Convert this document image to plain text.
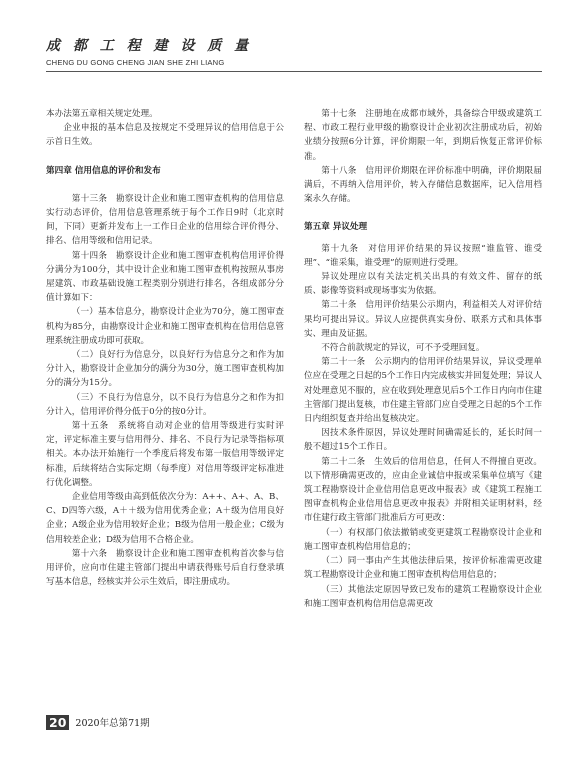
成 都 工 程 建 设 质 量
CHENG DU GONG CHENG JIAN SHE ZHI LIANG

本办法第五章相关规定处理。

企业申报的基本信息及按规定不受理异议的信用信息于公示首日生效。

第四章 信用信息的评价和发布

第十三条　勘察设计企业和施工图审查机构的信用信息实行动态评价，信用信息管理系统于每个工作日9时（北京时间，下同）更新并发布上一工作日企业的信用综合评价得分、排名、信用等级和信用记录。

第十四条　勘察设计企业和施工图审查机构信用评价得分满分为100分，其中设计企业和施工图审查机构按照从事房屋建筑、市政基础设施工程类别分别进行排名，各组成部分分值计算如下：

（一）基本信息分，勘察设计企业为70分，施工图审查机构为85分，由勘察设计企业和施工图审查机构在信用信息管理系统注册成功即可获取。

（二）良好行为信息分，以良好行为信息分之和作为加分计入，勘察设计企业加分的满分为30分，施工图审查机构加分的满分为15分。

（三）不良行为信息分，以不良行为信息分之和作为扣分计入，信用评价得分低于0分的按0分计。

第十五条　系统将自动对企业的信用等级进行实时评定，评定标准主要与信用得分、排名、不良行为记录等指标项相关。本办法开始施行一个季度后将发布第一版信用等级评定标准，后续将结合实际定期（每季度）对信用等级评定标准进行优化调整。

企业信用等级由高到低依次分为：A++、A+、A、B、C、D四等六级，A＋＋级为信用优秀企业；A＋级为信用良好企业；A级企业为信用较好企业；B级为信用一般企业；C级为信用较差企业；D级为信用不合格企业。

第十六条　勘察设计企业和施工图审查机构首次参与信用评价，应向市住建主管部门提出申请获得账号后自行登录填写基本信息，经核实并公示生效后，即注册成功。

第十七条　注册地在成都市域外，具备综合甲级或建筑工程、市政工程行业甲级的勘察设计企业初次注册成功后，初始业绩分按照6分计算，评价期限一年，到期后恢复正常评价标准。

第十八条　信用评价期限在评价标准中明确，评价期限届满后，不再纳入信用评价，转入存储信息数据库，记入信用档案永久存储。

第五章 异议处理

第十九条　对信用评价结果的异议按照“谁监管、谁受理”、“谁采集，谁受理”的原则进行受理。

异议处理应以有关法定机关出具的有效文件、留存的纸质、影像等资料或现场事实为依据。

第二十条　信用评价结果公示期内，利益相关人对评价结果均可提出异议。异议人应提供真实身份、联系方式和具体事实、理由及证据。

不符合前款规定的异议，可不予受理回复。

第二十一条　公示期内的信用评价结果异议，异议受理单位应在受理之日起的5个工作日内完成核实并回复处理；异议人对处理意见不服的，应在收到处理意见后5个工作日内向市住建主管部门提出复核，市住建主管部门应自受理之日起的5个工作日内组织复查并给出复核决定。

因技术条件原因，异议处理时间确需延长的，延长时间一般不超过15个工作日。

第二十二条　生效后的信用信息，任何人不得擅自更改。以下情形确需更改的，应由企业诚信申报或采集单位填写《建筑工程勘察设计企业信用信息更改申报表》或《建筑工程施工图审查机构企业信用信息更改申报表》并附相关证明材料，经市住建行政主管部门批准后方可更改：

（一）有权部门依法撤销或变更建筑工程勘察设计企业和施工图审查机构信用信息的；

（二）同一事由产生其他法律后果，按评价标准需更改建筑工程勘察设计企业和施工图审查机构信用信息的；

（三）其他法定原因导致已发布的建筑工程勘察设计企业和施工图审查机构信用信息需更改

20 2020年总第71期
